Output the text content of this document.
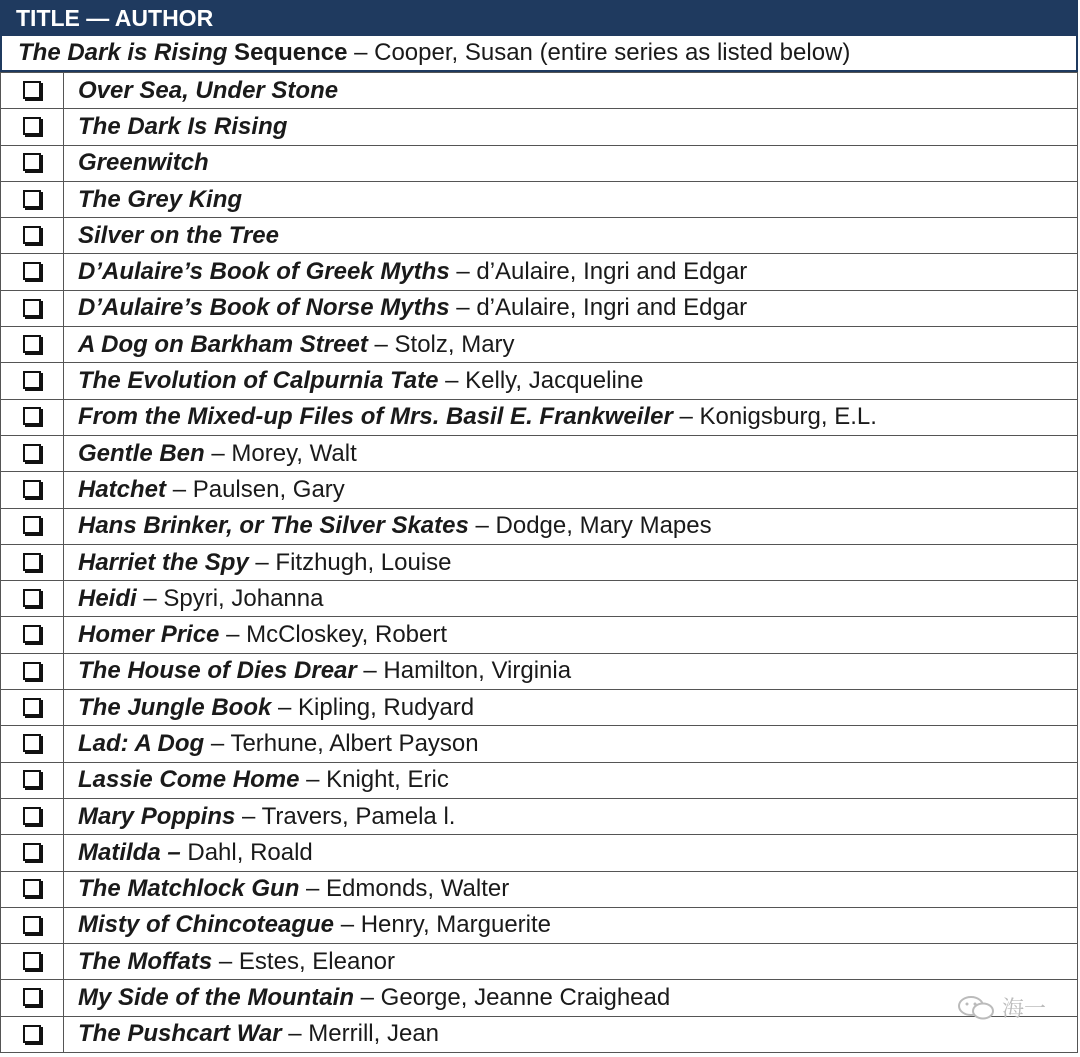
TITLE — AUTHOR
The Dark is Rising Sequence – Cooper, Susan (entire series as listed below)
	Over Sea, Under Stone
	The Dark Is Rising
	Greenwitch
	The Grey King
	Silver on the Tree
	D’Aulaire’s Book of Greek Myths – d’Aulaire, Ingri and Edgar
	D’Aulaire’s Book of Norse Myths – d’Aulaire, Ingri and Edgar
	A Dog on Barkham Street – Stolz, Mary
	The Evolution of Calpurnia Tate – Kelly, Jacqueline
	From the Mixed-up Files of Mrs. Basil E. Frankweiler – Konigsburg, E.L.
	Gentle Ben – Morey, Walt
	Hatchet – Paulsen, Gary
	Hans Brinker, or The Silver Skates – Dodge, Mary Mapes
	Harriet the Spy – Fitzhugh, Louise
	Heidi – Spyri, Johanna
	Homer Price – McCloskey, Robert
	The House of Dies Drear – Hamilton, Virginia
	The Jungle Book – Kipling, Rudyard
	Lad: A Dog – Terhune, Albert Payson
	Lassie Come Home – Knight, Eric
	Mary Poppins – Travers, Pamela l.
	Matilda – Dahl, Roald
	The Matchlock Gun – Edmonds, Walter
	Misty of Chincoteague – Henry, Marguerite
	The Moffats – Estes, Eleanor
	My Side of the Mountain – George, Jeanne Craighead
	The Pushcart War – Merrill, Jean
海一
